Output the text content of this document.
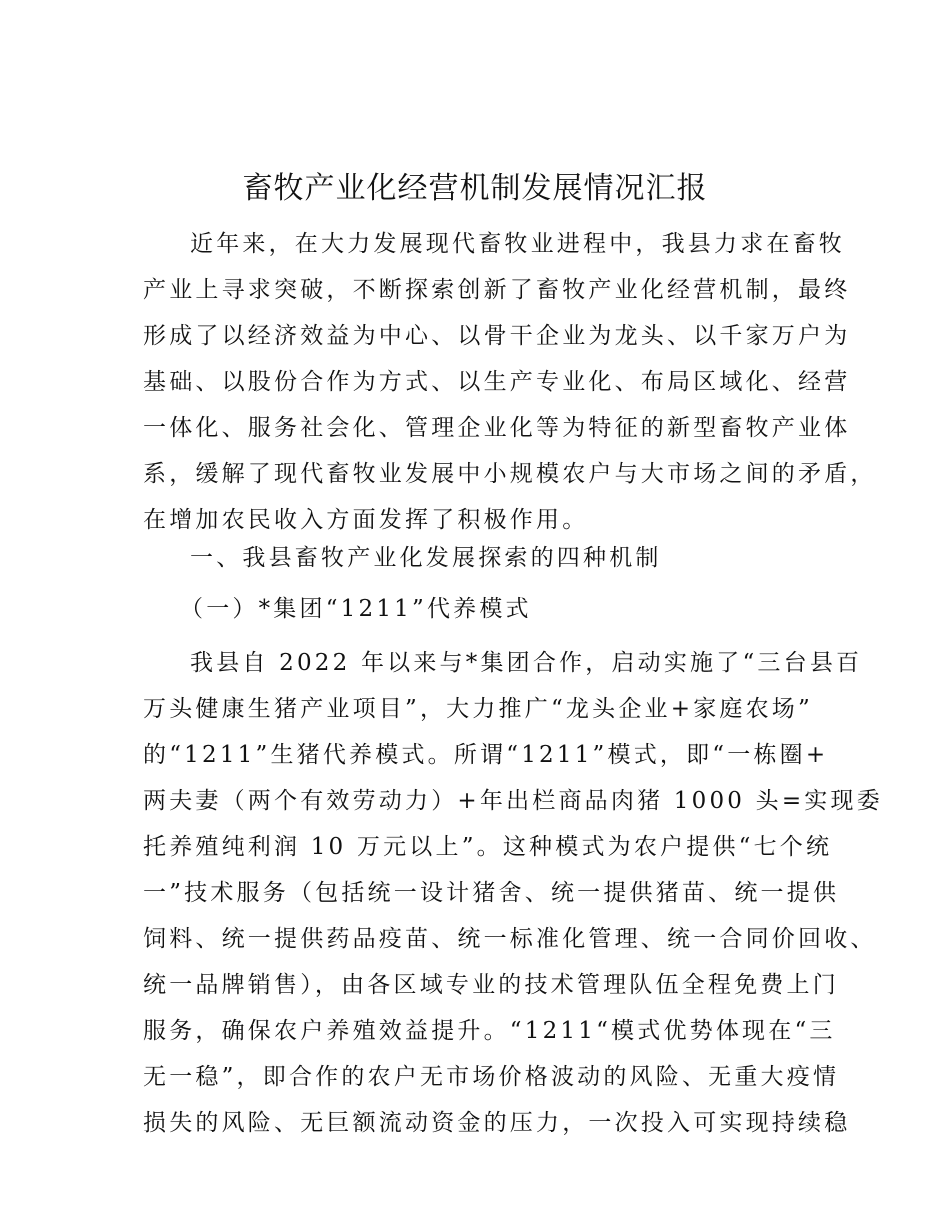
畜牧产业化经营机制发展情况汇报
近年来，在大力发展现代畜牧业进程中，我县力求在畜牧
产业上寻求突破，不断探索创新了畜牧产业化经营机制，最终
形成了以经济效益为中心、以骨干企业为龙头、以千家万户为
基础、以股份合作为方式、以生产专业化、布局区域化、经营
一体化、服务社会化、管理企业化等为特征的新型畜牧产业体
系，缓解了现代畜牧业发展中小规模农户与大市场之间的矛盾，
在增加农民收入方面发挥了积极作用。
一、我县畜牧产业化发展探索的四种机制
（一）*集团“1211”代养模式
我县自 2022 年以来与*集团合作，启动实施了“三台县百
万头健康生猪产业项目”，大力推广“龙头企业+家庭农场”
的“1211”生猪代养模式。所谓“1211”模式，即“一栋圈+
两夫妻（两个有效劳动力）+年出栏商品肉猪 1000 头=实现委
托养殖纯利润 10 万元以上”。这种模式为农户提供“七个统
一”技术服务（包括统一设计猪舍、统一提供猪苗、统一提供
饲料、统一提供药品疫苗、统一标准化管理、统一合同价回收、
统一品牌销售），由各区域专业的技术管理队伍全程免费上门
服务，确保农户养殖效益提升。“1211“模式优势体现在“三
无一稳”，即合作的农户无市场价格波动的风险、无重大疫情
损失的风险、无巨额流动资金的压力，一次投入可实现持续稳
